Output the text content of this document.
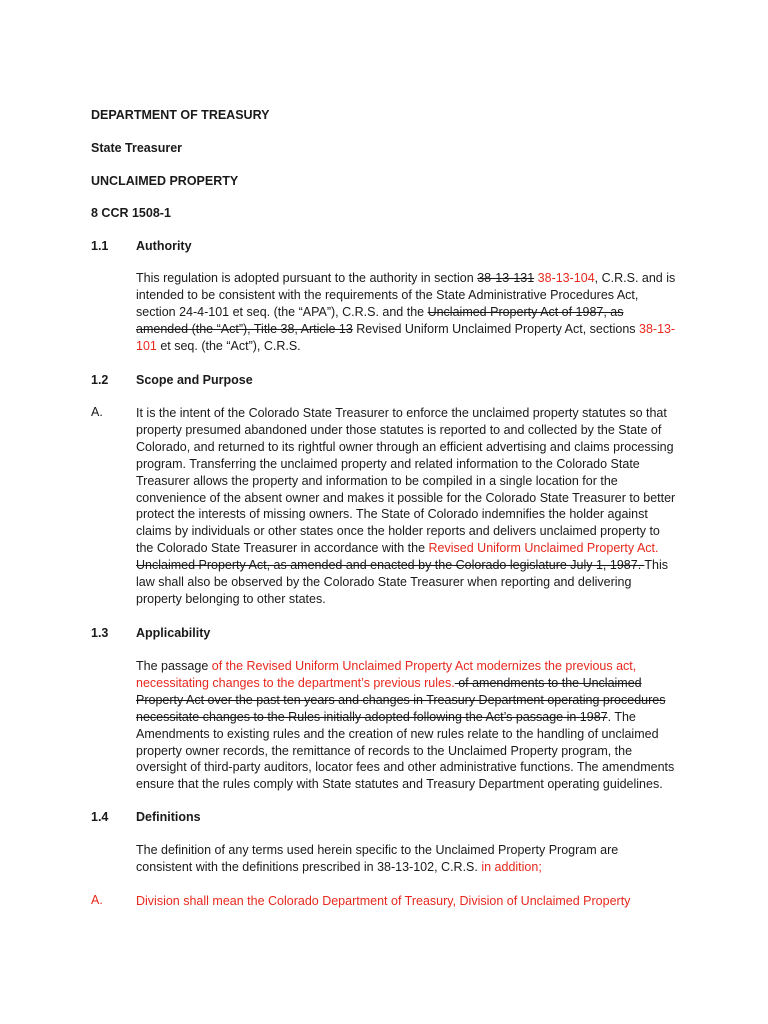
DEPARTMENT OF TREASURY
State Treasurer
UNCLAIMED PROPERTY
8 CCR 1508-1
1.1 Authority

This regulation is adopted pursuant to the authority in section 38-13-131 38-13-104, C.R.S. and is intended to be consistent with the requirements of the State Administrative Procedures Act, section 24-4-101 et seq. (the “APA”), C.R.S. and the Unclaimed Property Act of 1987, as amended (the “Act”), Title 38, Article 13 Revised Uniform Unclaimed Property Act, sections 38-13-101 et seq. (the “Act”), C.R.S.

1.2 Scope and Purpose
A.	It is the intent of the Colorado State Treasurer to enforce the unclaimed property statutes so that property presumed abandoned under those statutes is reported to and collected by the State of Colorado, and returned to its rightful owner through an efficient advertising and claims processing program. Transferring the unclaimed property and related information to the Colorado State Treasurer allows the property and information to be compiled in a single location for the convenience of the absent owner and makes it possible for the Colorado State Treasurer to better protect the interests of missing owners. The State of Colorado indemnifies the holder against claims by individuals or other states once the holder reports and delivers unclaimed property to the Colorado State Treasurer in accordance with the Revised Uniform Unclaimed Property Act. Unclaimed Property Act, as amended and enacted by the Colorado legislature July 1, 1987. This law shall also be observed by the Colorado State Treasurer when reporting and delivering property belonging to other states.

1.3 Applicability

The passage of the Revised Uniform Unclaimed Property Act modernizes the previous act, necessitating changes to the department’s previous rules. of amendments to the Unclaimed Property Act over the past ten years and changes in Treasury Department operating procedures necessitate changes to the Rules initially adopted following the Act’s passage in 1987. The Amendments to existing rules and the creation of new rules relate to the handling of unclaimed property owner records, the remittance of records to the Unclaimed Property program, the oversight of third-party auditors, locator fees and other administrative functions. The amendments ensure that the rules comply with State statutes and Treasury Department operating guidelines.

1.4 Definitions

The definition of any terms used herein specific to the Unclaimed Property Program are consistent with the definitions prescribed in 38-13-102, C.R.S. in addition;

A.	Division shall mean the Colorado Department of Treasury, Division of Unclaimed Property
